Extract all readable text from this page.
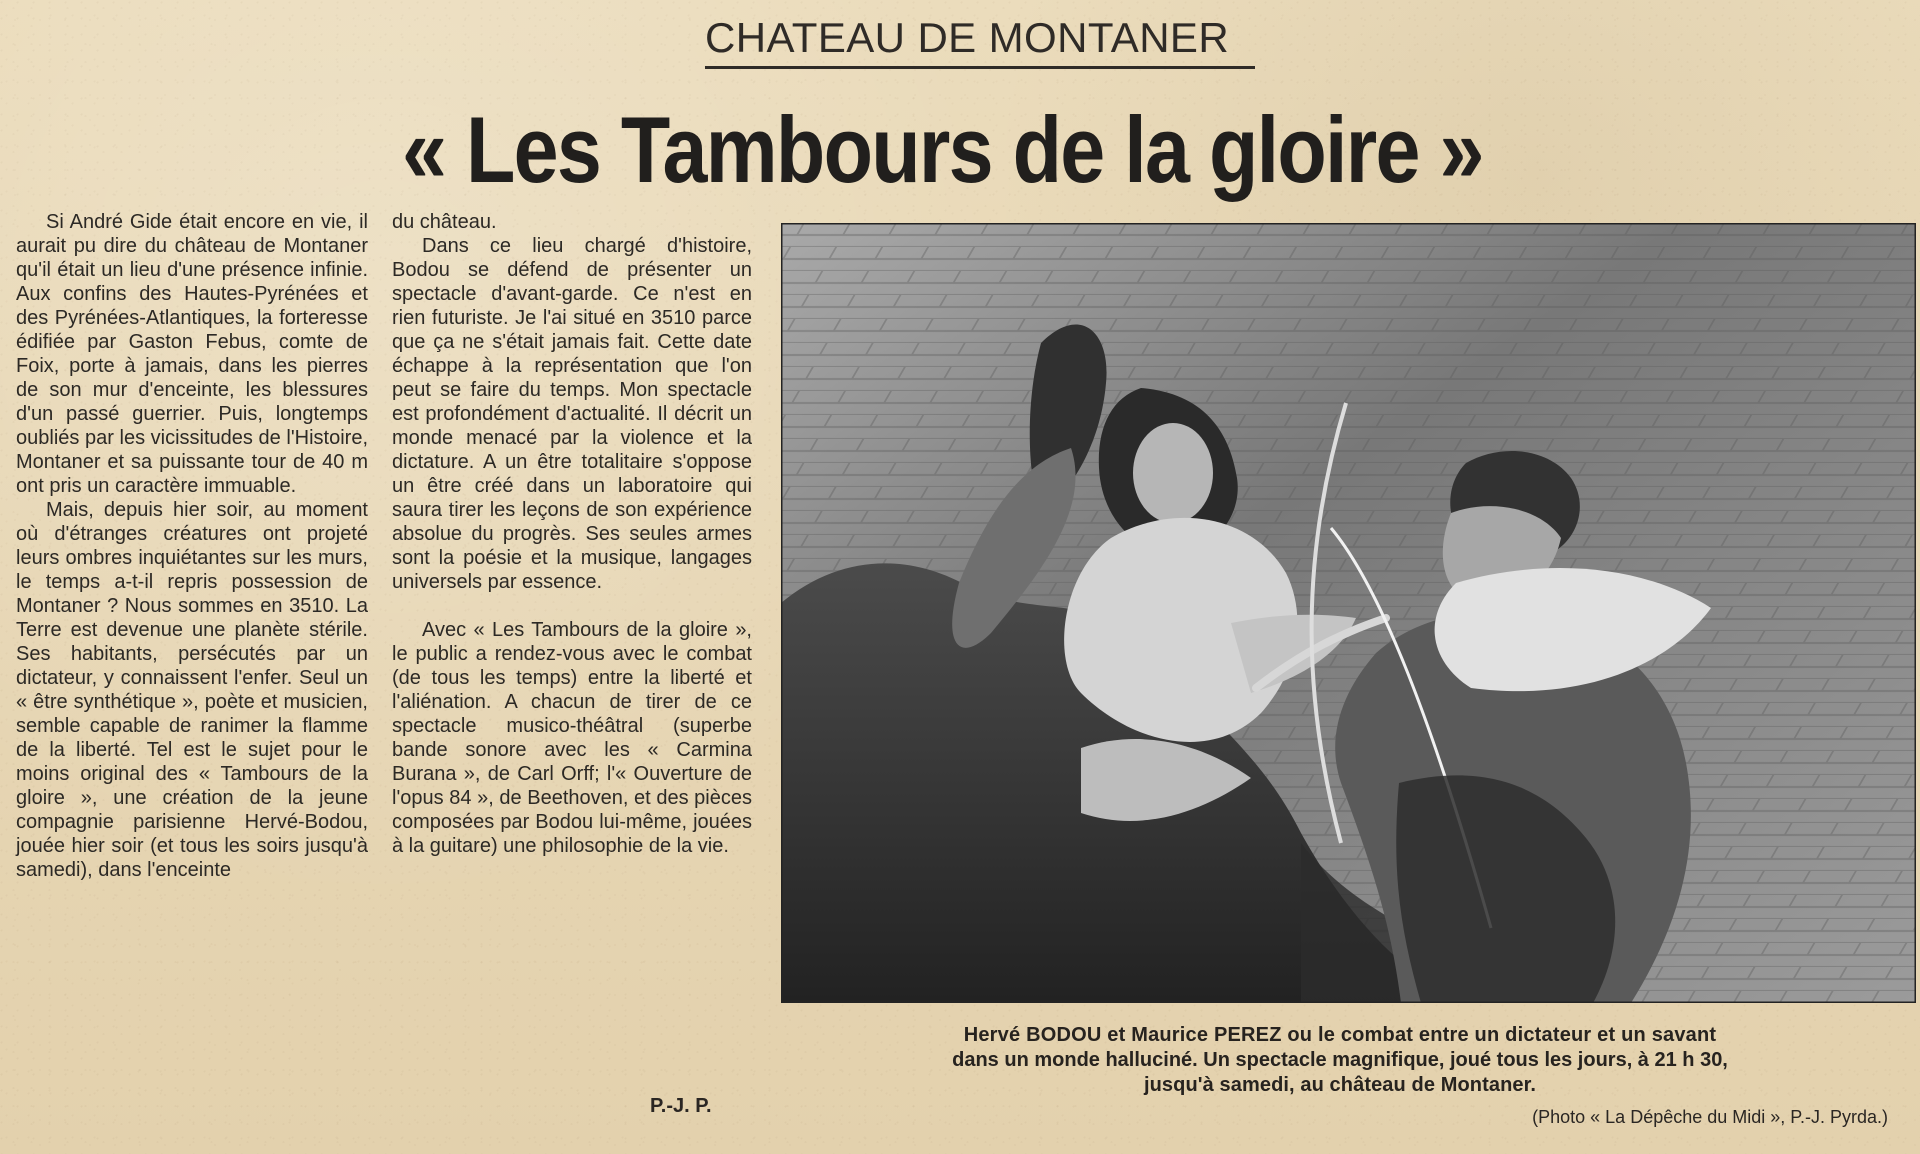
CHATEAU DE MONTANER
« Les Tambours de la gloire »

Si André Gide était encore en vie, il aurait pu dire du château de Montaner qu'il était un lieu d'une présence infinie. Aux confins des Hautes-Pyrénées et des Pyrénées-Atlantiques, la forteresse édifiée par Gaston Febus, comte de Foix, porte à jamais, dans les pierres de son mur d'enceinte, les blessures d'un passé guerrier. Puis, longtemps oubliés par les vicissitudes de l'Histoire, Montaner et sa puissante tour de 40 m ont pris un caractère immuable.

Mais, depuis hier soir, au moment où d'étranges créatures ont projeté leurs ombres inquiétantes sur les murs, le temps a-t-il repris possession de Montaner ? Nous sommes en 3510. La Terre est devenue une planète stérile. Ses habitants, persécutés par un dictateur, y connaissent l'enfer. Seul un « être synthétique », poète et musicien, semble capable de ranimer la flamme de la liberté. Tel est le sujet pour le moins original des « Tambours de la gloire », une création de la jeune compagnie parisienne Hervé-Bodou, jouée hier soir (et tous les soirs jusqu'à samedi), dans l'enceinte

du château.

Dans ce lieu chargé d'histoire, Bodou se défend de présenter un spectacle d'avant-garde. Ce n'est en rien futuriste. Je l'ai situé en 3510 parce que ça ne s'était jamais fait. Cette date échappe à la représentation que l'on peut se faire du temps. Mon spectacle est profondément d'actualité. Il décrit un monde menacé par la violence et la dictature. A un être totalitaire s'oppose un être créé dans un laboratoire qui saura tirer les leçons de son expérience absolue du progrès. Ses seules armes sont la poésie et la musique, langages universels par essence.

Avec « Les Tambours de la gloire », le public a rendez-vous avec le combat (de tous les temps) entre la liberté et l'aliénation. A chacun de tirer de ce spectacle musico-théâtral (superbe bande sonore avec les « Carmina Burana », de Carl Orff; l'« Ouverture de l'opus 84 », de Beethoven, et des pièces composées par Bodou lui-même, jouées à la guitare) une philosophie de la vie.

P.-J. P.
Hervé BODOU et Maurice PEREZ ou le combat entre un dictateur et un savant
dans un monde halluciné. Un spectacle magnifique, joué tous les jours, à 21 h 30,
jusqu'à samedi, au château de Montaner.
(Photo « La Dépêche du Midi », P.-J. Pyrda.)
